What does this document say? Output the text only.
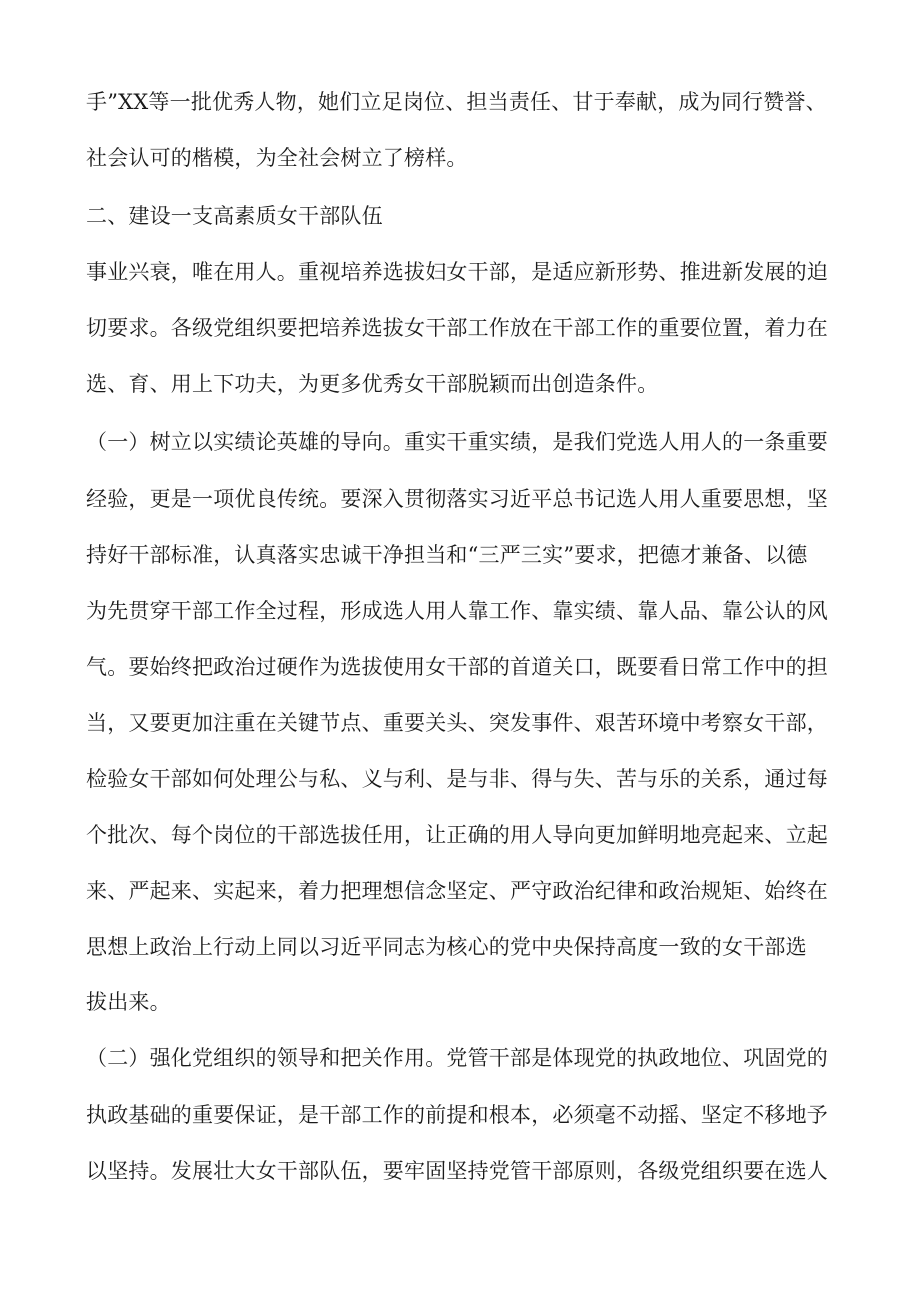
手”XX等一批优秀人物，她们立足岗位、担当责任、甘于奉献，成为同行赞誉、
社会认可的楷模，为全社会树立了榜样。
二、建设一支高素质女干部队伍
事业兴衰，唯在用人。重视培养选拔妇女干部，是适应新形势、推进新发展的迫
切要求。各级党组织要把培养选拔女干部工作放在干部工作的重要位置，着力在
选、育、用上下功夫，为更多优秀女干部脱颖而出创造条件。
（一）树立以实绩论英雄的导向。重实干重实绩，是我们党选人用人的一条重要
经验，更是一项优良传统。要深入贯彻落实习近平总书记选人用人重要思想，坚
持好干部标准，认真落实忠诚干净担当和“三严三实”要求，把德才兼备、以德
为先贯穿干部工作全过程，形成选人用人靠工作、靠实绩、靠人品、靠公认的风
气。要始终把政治过硬作为选拔使用女干部的首道关口，既要看日常工作中的担
当，又要更加注重在关键节点、重要关头、突发事件、艰苦环境中考察女干部，
检验女干部如何处理公与私、义与利、是与非、得与失、苦与乐的关系，通过每
个批次、每个岗位的干部选拔任用，让正确的用人导向更加鲜明地亮起来、立起
来、严起来、实起来，着力把理想信念坚定、严守政治纪律和政治规矩、始终在
思想上政治上行动上同以习近平同志为核心的党中央保持高度一致的女干部选
拔出来。
（二）强化党组织的领导和把关作用。党管干部是体现党的执政地位、巩固党的
执政基础的重要保证，是干部工作的前提和根本，必须毫不动摇、坚定不移地予
以坚持。发展壮大女干部队伍，要牢固坚持党管干部原则，各级党组织要在选人
